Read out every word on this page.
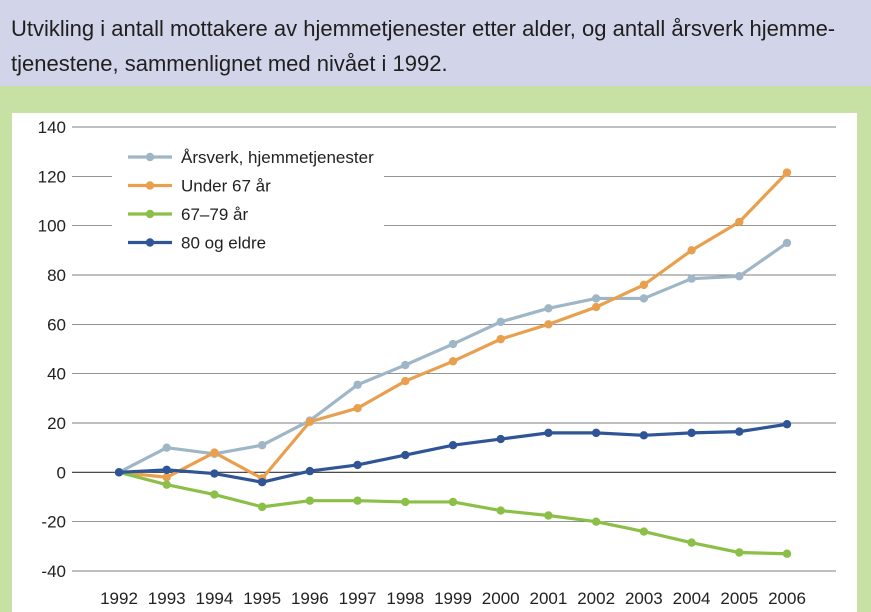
Utvikling i antall mottakere av hjemmetjenester etter alder, og antall årsverk hjemme-tjenestene, sammenlignet med nivået i 1992.
140
120
100
80
60
40
20
0
-20
-40
1992 1993 1994 1995 1996 1997 1998 1999 2000 2001 2002 2003 2004 2005 2006
Årsverk, hjemmetjenester
Under 67 år
67–79 år
80 og eldre
